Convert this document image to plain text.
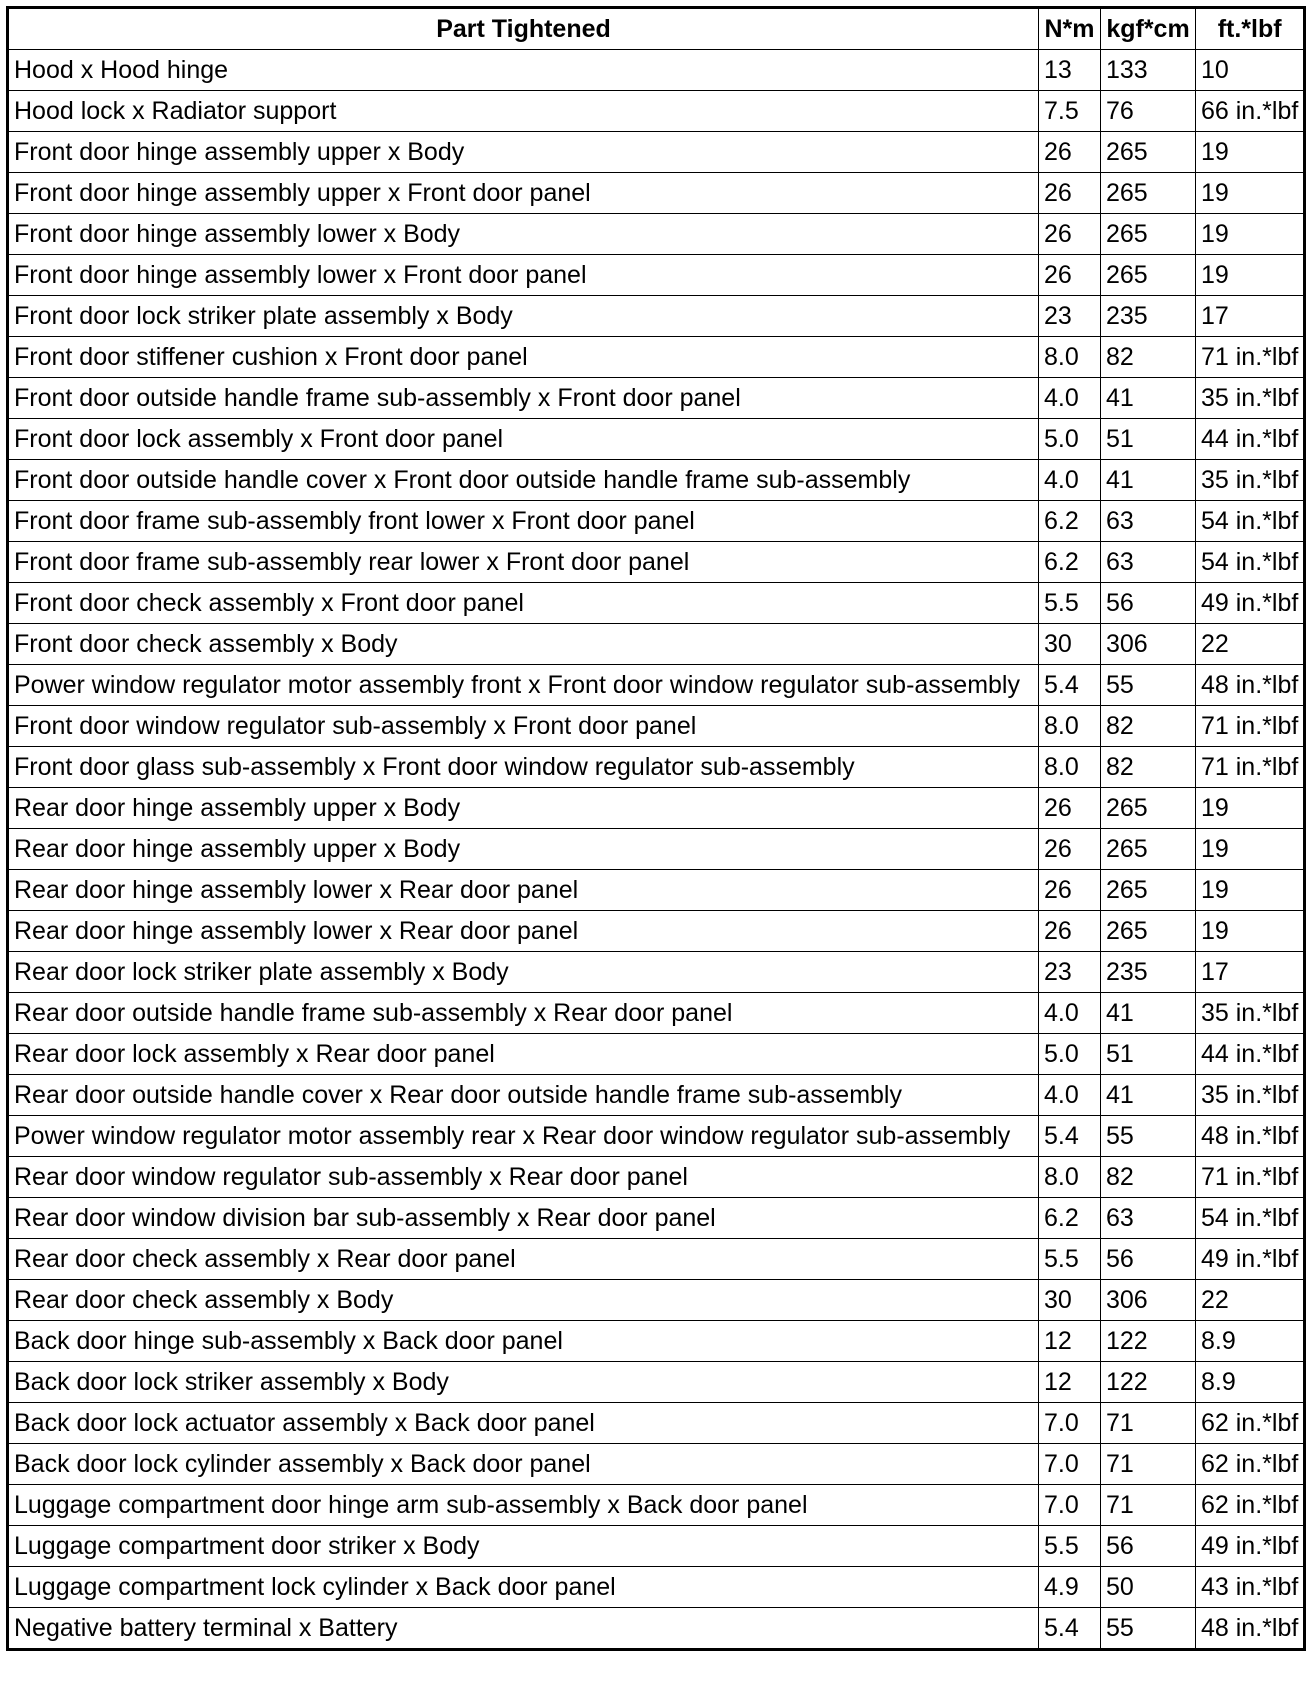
Part Tightened	N*m	kgf*cm	ft.*lbf
Hood x Hood hinge	13	133	10
Hood lock x Radiator support	7.5	76	66 in.*lbf
Front door hinge assembly upper x Body	26	265	19
Front door hinge assembly upper x Front door panel	26	265	19
Front door hinge assembly lower x Body	26	265	19
Front door hinge assembly lower x Front door panel	26	265	19
Front door lock striker plate assembly x Body	23	235	17
Front door stiffener cushion x Front door panel	8.0	82	71 in.*lbf
Front door outside handle frame sub-assembly x Front door panel	4.0	41	35 in.*lbf
Front door lock assembly x Front door panel	5.0	51	44 in.*lbf
Front door outside handle cover x Front door outside handle frame sub-assembly	4.0	41	35 in.*lbf
Front door frame sub-assembly front lower x Front door panel	6.2	63	54 in.*lbf
Front door frame sub-assembly rear lower x Front door panel	6.2	63	54 in.*lbf
Front door check assembly x Front door panel	5.5	56	49 in.*lbf
Front door check assembly x Body	30	306	22
Power window regulator motor assembly front x Front door window regulator sub-assembly	5.4	55	48 in.*lbf
Front door window regulator sub-assembly x Front door panel	8.0	82	71 in.*lbf
Front door glass sub-assembly x Front door window regulator sub-assembly	8.0	82	71 in.*lbf
Rear door hinge assembly upper x Body	26	265	19
Rear door hinge assembly upper x Body	26	265	19
Rear door hinge assembly lower x Rear door panel	26	265	19
Rear door hinge assembly lower x Rear door panel	26	265	19
Rear door lock striker plate assembly x Body	23	235	17
Rear door outside handle frame sub-assembly x Rear door panel	4.0	41	35 in.*lbf
Rear door lock assembly x Rear door panel	5.0	51	44 in.*lbf
Rear door outside handle cover x Rear door outside handle frame sub-assembly	4.0	41	35 in.*lbf
Power window regulator motor assembly rear x Rear door window regulator sub-assembly	5.4	55	48 in.*lbf
Rear door window regulator sub-assembly x Rear door panel	8.0	82	71 in.*lbf
Rear door window division bar sub-assembly x Rear door panel	6.2	63	54 in.*lbf
Rear door check assembly x Rear door panel	5.5	56	49 in.*lbf
Rear door check assembly x Body	30	306	22
Back door hinge sub-assembly x Back door panel	12	122	8.9
Back door lock striker assembly x Body	12	122	8.9
Back door lock actuator assembly x Back door panel	7.0	71	62 in.*lbf
Back door lock cylinder assembly x Back door panel	7.0	71	62 in.*lbf
Luggage compartment door hinge arm sub-assembly x Back door panel	7.0	71	62 in.*lbf
Luggage compartment door striker x Body	5.5	56	49 in.*lbf
Luggage compartment lock cylinder x Back door panel	4.9	50	43 in.*lbf
Negative battery terminal x Battery	5.4	55	48 in.*lbf
